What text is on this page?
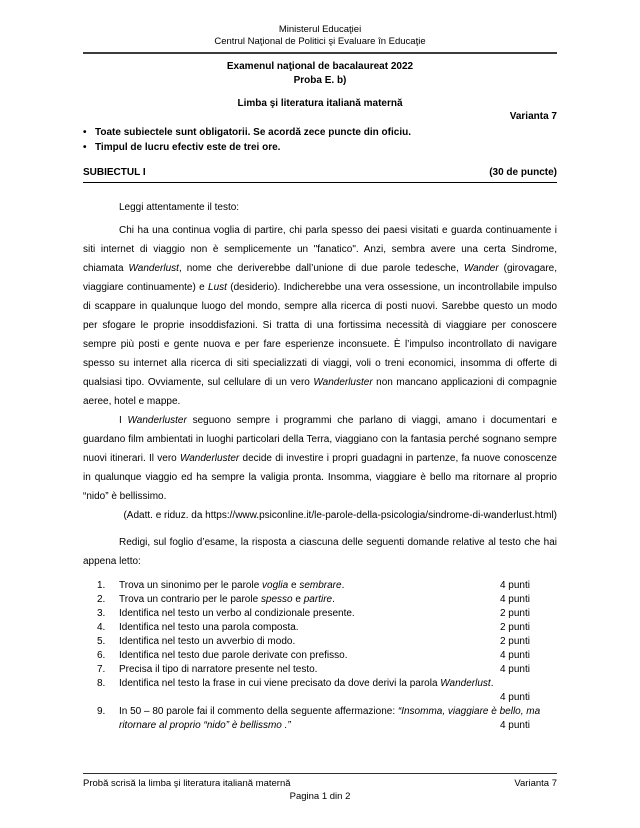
Ministerul Educaţiei
Centrul Naţional de Politici şi Evaluare în Educaţie
Examenul naţional de bacalaureat 2022
Proba E. b)
Limba şi literatura italiană maternă
Varianta 7
• Toate subiectele sunt obligatorii. Se acordă zece puncte din oficiu.
• Timpul de lucru efectiv este de trei ore.
SUBIECTUL I	(30 de puncte)

Leggi attentamente il testo:

Chi ha una continua voglia di partire, chi parla spesso dei paesi visitati e guarda continuamente i siti internet di viaggio non è semplicemente un "fanatico". Anzi, sembra avere una certa Sindrome, chiamata Wanderlust, nome che deriverebbe dall’unione di due parole tedesche, Wander (girovagare, viaggiare continuamente) e Lust (desiderio). Indicherebbe una vera ossessione, un incontrollabile impulso di scappare in qualunque luogo del mondo, sempre alla ricerca di posti nuovi. Sarebbe questo un modo per sfogare le proprie insoddisfazioni. Si tratta di una fortissima necessità di viaggiare per conoscere sempre più posti e gente nuova e per fare esperienze inconsuete. È l’impulso incontrollato di navigare spesso su internet alla ricerca di siti specializzati di viaggi, voli o treni economici, insomma di offerte di qualsiasi tipo. Ovviamente, sul cellulare di un vero Wanderluster non mancano applicazioni di compagnie aeree, hotel e mappe.

I Wanderluster seguono sempre i programmi che parlano di viaggi, amano i documentari e guardano film ambientati in luoghi particolari della Terra, viaggiano con la fantasia perché sognano sempre nuovi itinerari. Il vero Wanderluster decide di investire i propri guadagni in partenze, fa nuove conoscenze in qualunque viaggio ed ha sempre la valigia pronta. Insomma, viaggiare è bello ma ritornare al proprio “nido” è bellissimo.

(Adatt. e riduz. da https://www.psiconline.it/le-parole-della-psicologia/sindrome-di-wanderlust.html)

Redigi, sul foglio d’esame, la risposta a ciascuna delle seguenti domande relative al testo che hai appena letto:

1.	Trova un sinonimo per le parole voglia e sembrare.	4 punti
2.	Trova un contrario per le parole spesso e partire.	4 punti
3.	Identifica nel testo un verbo al condizionale presente.	2 punti
4.	Identifica nel testo una parola composta.	2 punti
5.	Identifica nel testo un avverbio di modo.	2 punti
6.	Identifica nel testo due parole derivate con prefisso.	4 punti
7.	Precisa il tipo di narratore presente nel testo.	4 punti
8.	Identifica nel testo la frase in cui viene precisato da dove derivi la parola Wanderlust.
4 punti
9.	In 50 – 80 parole fai il commento della seguente affermazione: “Insomma, viaggiare è bello, ma ritornare al proprio “nido” è bellissmo .”	4 punti
Probă scrisă la limba şi literatura italiană maternă	Varianta 7
Pagina 1 din 2
